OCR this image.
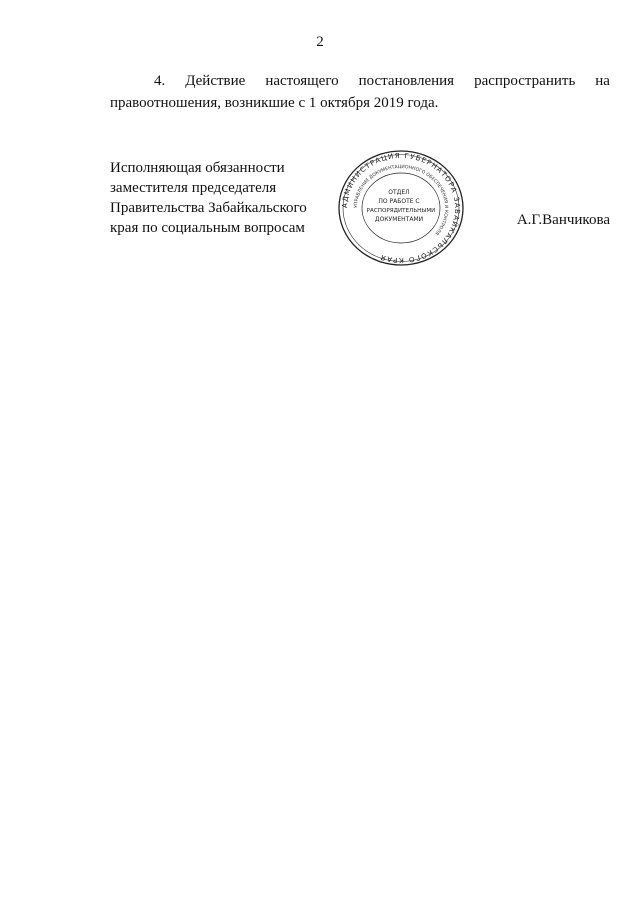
2
4. Действие настоящего постановления распространить на
правоотношения, возникшие с 1 октября 2019 года.
Исполняющая обязанности
заместителя председателя
Правительства Забайкальского
края по социальным вопросам
АДМИНИСТРАЦИЯ ГУБЕРНАТОРА ЗАБАЙКАЛЬСКОГО КРАЯ
УПРАВЛЕНИЕ ДОКУМЕНТАЦИОННОГО ОБЕСПЕЧЕНИЯ И КОНТРОЛЯ
ОТДЕЛ
ПО РАБОТЕ С
РАСПОРЯДИТЕЛЬНЫМИ
ДОКУМЕНТАМИ	А.Г.Ванчикова
